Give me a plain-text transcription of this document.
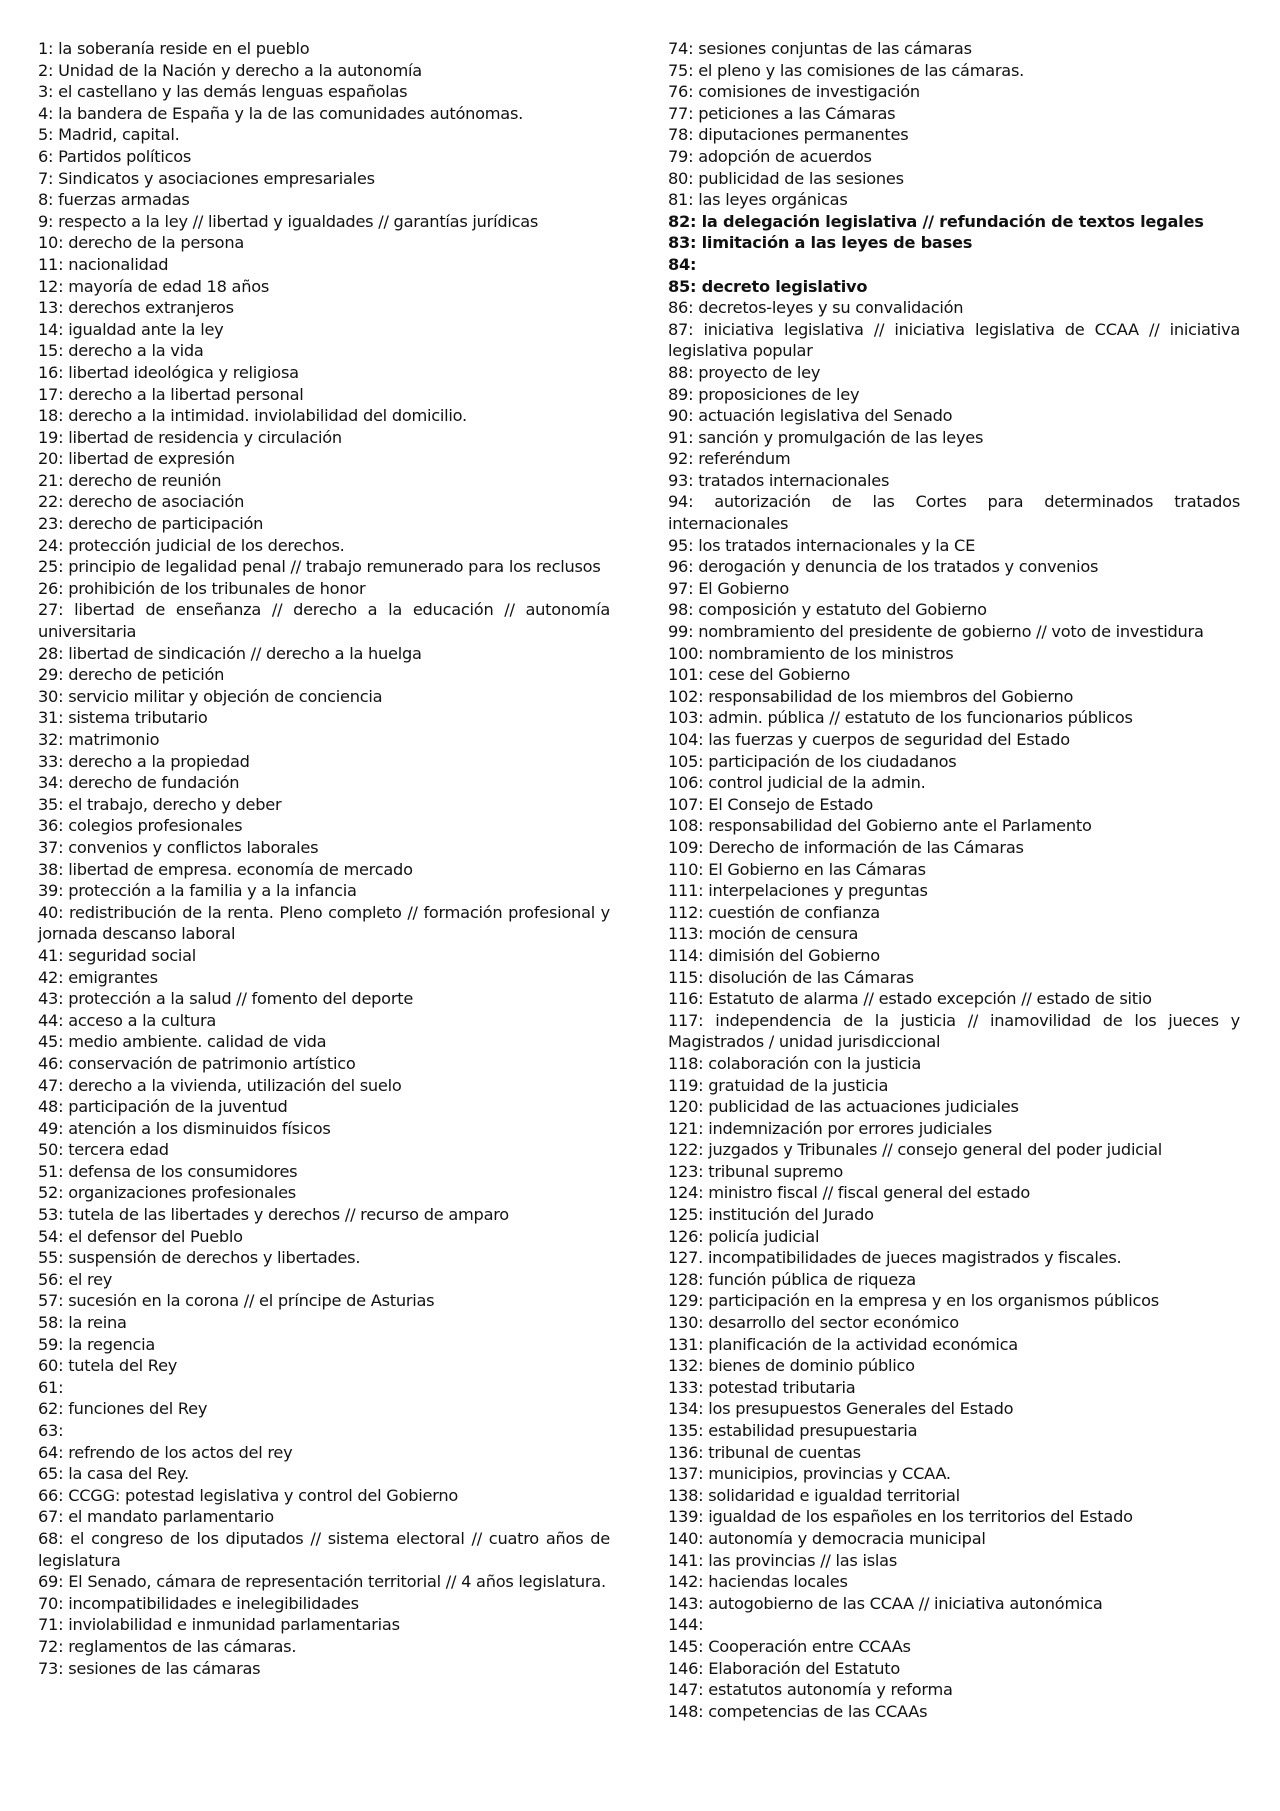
1: la soberanía reside en el pueblo

2: Unidad de la Nación y derecho a la autonomía

3: el castellano y las demás lenguas españolas

4: la bandera de España y la de las comunidades autónomas.

5: Madrid, capital.

6: Partidos políticos

7: Sindicatos y asociaciones empresariales

8: fuerzas armadas

9: respecto a la ley // libertad y igualdades // garantías jurídicas

10: derecho de la persona

11: nacionalidad

12: mayoría de edad 18 años

13: derechos extranjeros

14: igualdad ante la ley

15: derecho a la vida

16: libertad ideológica y religiosa

17: derecho a la libertad personal

18: derecho a la intimidad. inviolabilidad del domicilio.

19: libertad de residencia y circulación

20: libertad de expresión

21: derecho de reunión

22: derecho de asociación

23: derecho de participación

24: protección judicial de los derechos.

25: principio de legalidad penal // trabajo remunerado para los reclusos

26: prohibición de los tribunales de honor

27: libertad de enseñanza // derecho a la educación // autonomía universitaria

28: libertad de sindicación // derecho a la huelga

29: derecho de petición

30: servicio militar y objeción de conciencia

31: sistema tributario

32: matrimonio

33: derecho a la propiedad

34: derecho de fundación

35: el trabajo, derecho y deber

36: colegios profesionales

37: convenios y conflictos laborales

38: libertad de empresa. economía de mercado

39: protección a la familia y a la infancia

40: redistribución de la renta. Pleno completo // formación profesional y jornada descanso laboral

41: seguridad social

42: emigrantes

43: protección a la salud // fomento del deporte

44: acceso a la cultura

45: medio ambiente. calidad de vida

46: conservación de patrimonio artístico

47: derecho a la vivienda, utilización del suelo

48: participación de la juventud

49: atención a los disminuidos físicos

50: tercera edad

51: defensa de los consumidores

52: organizaciones profesionales

53: tutela de las libertades y derechos // recurso de amparo

54: el defensor del Pueblo

55: suspensión de derechos y libertades.

56: el rey

57: sucesión en la corona // el príncipe de Asturias

58: la reina

59: la regencia

60: tutela del Rey

61:

62: funciones del Rey

63:

64: refrendo de los actos del rey

65: la casa del Rey.

66: CCGG: potestad legislativa y control del Gobierno

67: el mandato parlamentario

68: el congreso de los diputados // sistema electoral // cuatro años de legislatura

69: El Senado, cámara de representación territorial // 4 años legislatura.

70: incompatibilidades e inelegibilidades

71: inviolabilidad e inmunidad parlamentarias

72: reglamentos de las cámaras.

73: sesiones de las cámaras

74: sesiones conjuntas de las cámaras

75: el pleno y las comisiones de las cámaras.

76: comisiones de investigación

77: peticiones a las Cámaras

78: diputaciones permanentes

79: adopción de acuerdos

80: publicidad de las sesiones

81: las leyes orgánicas

82: la delegación legislativa // refundación de textos legales

83: limitación a las leyes de bases

84:

85: decreto legislativo

86: decretos-leyes y su convalidación

87: iniciativa legislativa // iniciativa legislativa de CCAA // iniciativa legislativa popular

88: proyecto de ley

89: proposiciones de ley

90: actuación legislativa del Senado

91: sanción y promulgación de las leyes

92: referéndum

93: tratados internacionales

94: autorización de las Cortes para determinados tratados internacionales

95: los tratados internacionales y la CE

96: derogación y denuncia de los tratados y convenios

97: El Gobierno

98: composición y estatuto del Gobierno

99: nombramiento del presidente de gobierno // voto de investidura

100: nombramiento de los ministros

101: cese del Gobierno

102: responsabilidad de los miembros del Gobierno

103: admin. pública // estatuto de los funcionarios públicos

104: las fuerzas y cuerpos de seguridad del Estado

105: participación de los ciudadanos

106: control judicial de la admin.

107: El Consejo de Estado

108: responsabilidad del Gobierno ante el Parlamento

109: Derecho de información de las Cámaras

110: El Gobierno en las Cámaras

111: interpelaciones y preguntas

112: cuestión de confianza

113: moción de censura

114: dimisión del Gobierno

115: disolución de las Cámaras

116: Estatuto de alarma // estado excepción // estado de sitio

117: independencia de la justicia // inamovilidad de los jueces y Magistrados / unidad jurisdiccional

118: colaboración con la justicia

119: gratuidad de la justicia

120: publicidad de las actuaciones judiciales

121: indemnización por errores judiciales

122: juzgados y Tribunales // consejo general del poder judicial

123: tribunal supremo

124: ministro fiscal // fiscal general del estado

125: institución del Jurado

126: policía judicial

127. incompatibilidades de jueces magistrados y fiscales.

128: función pública de riqueza

129: participación en la empresa y en los organismos públicos

130: desarrollo del sector económico

131: planificación de la actividad económica

132: bienes de dominio público

133: potestad tributaria

134: los presupuestos Generales del Estado

135: estabilidad presupuestaria

136: tribunal de cuentas

137: municipios, provincias y CCAA.

138: solidaridad e igualdad territorial

139: igualdad de los españoles en los territorios del Estado

140: autonomía y democracia municipal

141: las provincias // las islas

142: haciendas locales

143: autogobierno de las CCAA // iniciativa autonómica

144:

145: Cooperación entre CCAAs

146: Elaboración del Estatuto

147: estatutos autonomía y reforma

148: competencias de las CCAAs
